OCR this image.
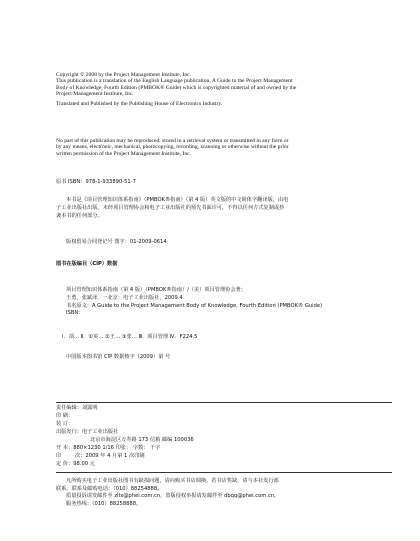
Copyright © 2008 by the Project Management Institute, Inc.
This publication is a translation of the English Language publication, A Guide to the Project Management
Body of Knowledge, Fourth Edition (PMBOK® Guide) which is copyrighted material of and owned by the
Project Management Institute, Inc.
Translated and Published by the Publishing House of Electronics Industry.
No part of this publication may be reproduced, stored in a retrieval system or transmitted in any form or
by any means, electronic, mechanical, photocopying, recording, scanning or otherwise without the prior
written permission of the Project Management Institute, Inc.
原书 ISBN：978-1-933890-51-7
本书是《项目管理知识体系指南》（PMBOK®指南）（第 4 版）英文版的中文简体字翻译版，由电
子工业出版社出版。未经项目管理协会和电子工业出版社的预先书面许可，不得以任何方式复制或抄
袭本书的任何部分。
版权贸易合同登记号 图字：01-2009-0614
图书在版编目（CIP）数据
项目管理知识体系指南（第 4 版）（PMBOK®指南）/（美）项目管理协会著；
王勇，张斌译．一北京：电子工业出版社，2009.4
书名原文：A Guide to the Project Management Body of Knowledge, Fourth Edition (PMBOK® Guide)
ISBN：
Ⅰ．项… Ⅱ．①美… ②王… ③张… Ⅲ．项目管理 Ⅳ．F224.5
中国版本图书馆 CIP 数据核字（2009）第 号
责任编辑：刘露明
印 刷：
装 订：
出版发行：电子工业出版社
北京市海淀区万寿路 173 信箱 邮编 100036
开 本：880×1230 1/16 印张： 字数： 千字
印	次：2009 年 4 月第 1 次印刷
定 价：98.00 元
凡所购买电子工业出版社图书有缺损问题，请向购买书店调换。若书店售缺，请与本社发行部
联系，联系及邮购电话：（010）88254888。
质量投诉请发邮件至 zlts@phei.com.cn，盗版侵权举报请发邮件至 dbqq@phei.com.cn。
服务热线：（010）88258888。
